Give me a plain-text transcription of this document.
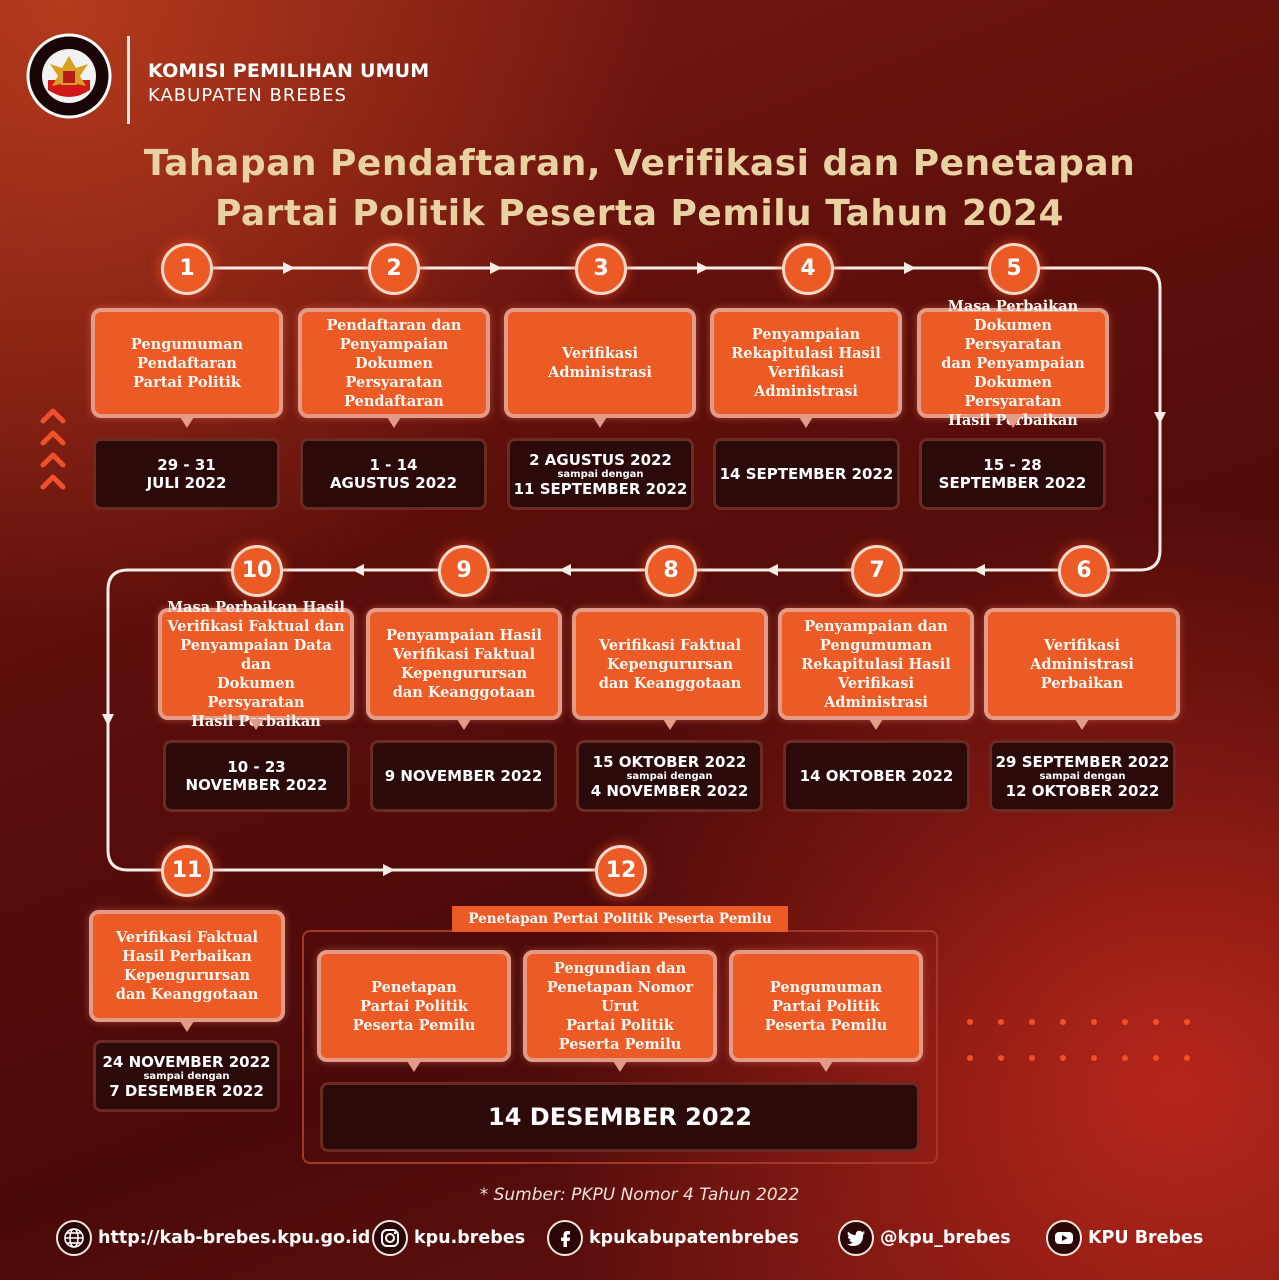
KOMISI PEMILIHAN UMUM
KABUPATEN BREBES
Tahapan Pendaftaran, Verifikasi dan Penetapan
Partai Politik Peserta Pemilu Tahun 2024
1	2	3	4	5
6
7
8
9
10
11	12
Pengumuman
Pendaftaran
Partai Politik
Pendaftaran dan
Penyampaian
Dokumen Persyaratan
Pendaftaran
Verifikasi
Administrasi
Penyampaian
Rekapitulasi Hasil
Verifikasi
Administrasi
Masa Perbaikan
Dokumen Persyaratan
dan Penyampaian
Dokumen Persyaratan
Hasil Perbaikan
29 - 31
JULI 2022
1 - 14
AGUSTUS 2022
2 AGUSTUS 2022
sampai dengan
11 SEPTEMBER 2022
14 SEPTEMBER 2022	15 - 28
SEPTEMBER 2022
Masa Perbaikan Hasil
Verifikasi Faktual dan
Penyampaian Data dan
Dokumen Persyaratan
Hasil Perbaikan
Penyampaian Hasil
Verifikasi Faktual
Kepengurursan
dan Keanggotaan
Verifikasi Faktual
Kepengurursan
dan Keanggotaan
Penyampaian dan
Pengumuman
Rekapitulasi Hasil
Verifikasi
Administrasi
Verifikasi
Administrasi
Perbaikan
10 - 23
NOVEMBER 2022	9 NOVEMBER 2022
15 OKTOBER 2022
sampai dengan
4 NOVEMBER 2022
14 OKTOBER 2022
29 SEPTEMBER 2022
sampai dengan
12 OKTOBER 2022
Verifikasi Faktual
Hasil Perbaikan
Kepengurursan
dan Keanggotaan
24 NOVEMBER 2022
sampai dengan
7 DESEMBER 2022
Penetapan Pertai Politik Peserta Pemilu
Penetapan
Partai Politik
Peserta Pemilu
Pengundian dan
Penetapan Nomor Urut
Partai Politik
Peserta Pemilu
Pengumuman
Partai Politik
Peserta Pemilu
14 DESEMBER 2022
* Sumber: PKPU Nomor 4 Tahun 2022
http://kab-brebes.kpu.go.id	kpu.brebes	kpukabupatenbrebes	@kpu_brebes	KPU Brebes
